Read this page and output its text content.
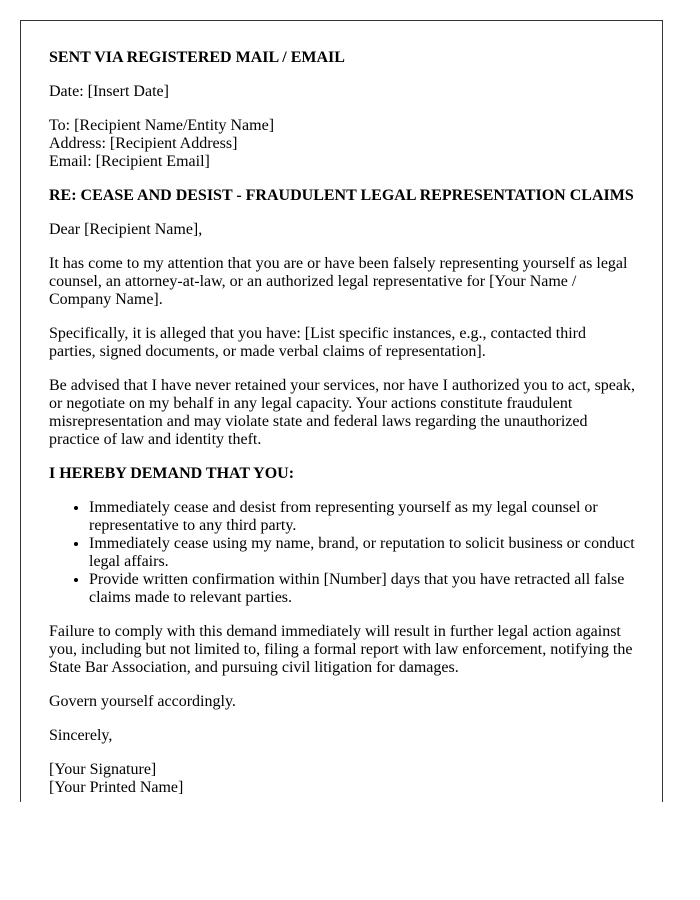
SENT VIA REGISTERED MAIL / EMAIL

Date: [Insert Date]

To: [Recipient Name/Entity Name]
Address: [Recipient Address]
Email: [Recipient Email]

RE: CEASE AND DESIST - FRAUDULENT LEGAL REPRESENTATION CLAIMS

Dear [Recipient Name],

It has come to my attention that you are or have been falsely representing yourself as legal counsel, an attorney-at-law, or an authorized legal representative for [Your Name / Company Name].

Specifically, it is alleged that you have: [List specific instances, e.g., contacted third parties, signed documents, or made verbal claims of representation].

Be advised that I have never retained your services, nor have I authorized you to act, speak, or negotiate on my behalf in any legal capacity. Your actions constitute fraudulent misrepresentation and may violate state and federal laws regarding the unauthorized practice of law and identity theft.

I HEREBY DEMAND THAT YOU:

• Immediately cease and desist from representing yourself as my legal counsel or representative to any third party.
• Immediately cease using my name, brand, or reputation to solicit business or conduct legal affairs.
• Provide written confirmation within [Number] days that you have retracted all false claims made to relevant parties.

Failure to comply with this demand immediately will result in further legal action against you, including but not limited to, filing a formal report with law enforcement, notifying the State Bar Association, and pursuing civil litigation for damages.

Govern yourself accordingly.

Sincerely,

[Your Signature]
[Your Printed Name]
